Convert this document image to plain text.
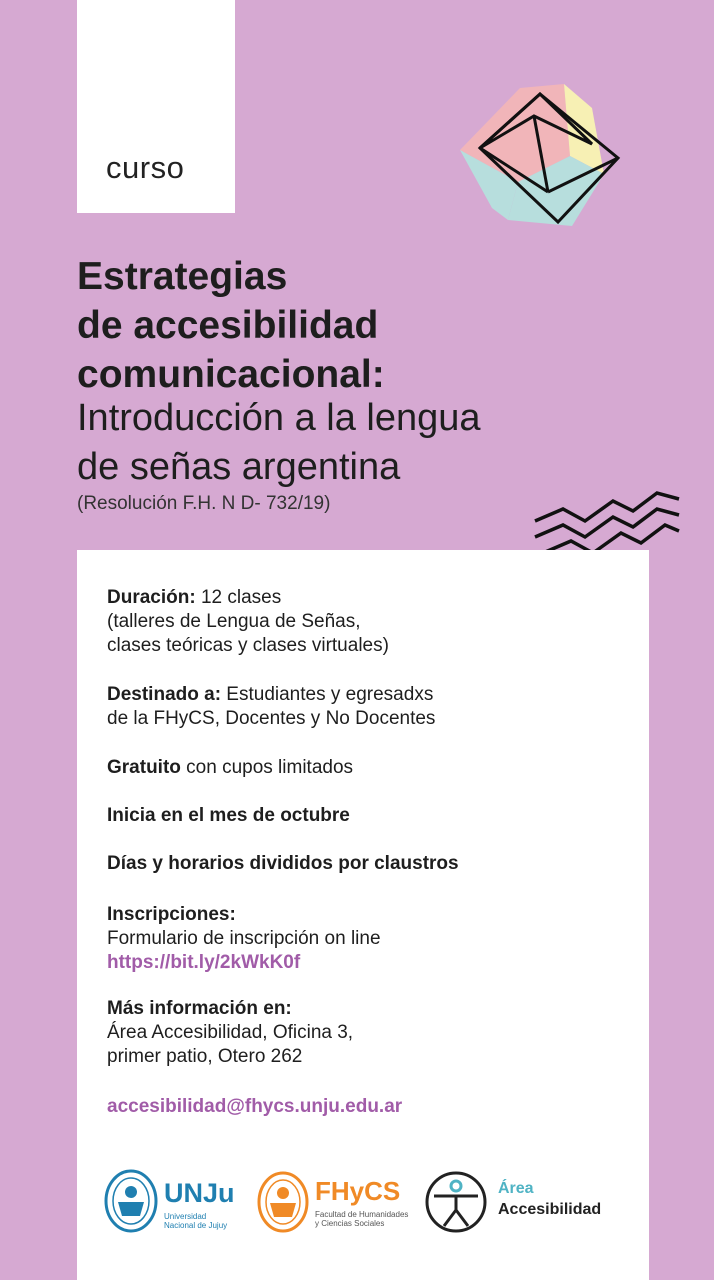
curso
Estrategias
de accesibilidad
comunicacional:
Introducción a la lengua
de señas argentina
(Resolución F.H. N D- 732/19)
Duración: 12 clases
(talleres de Lengua de Señas,
clases teóricas y clases virtuales)
Destinado a: Estudiantes y egresadxs
de la FHyCS, Docentes y No Docentes
Gratuito con cupos limitados
Inicia en el mes de octubre
Días y horarios divididos por claustros
Inscripciones:
Formulario de inscripción on line
https://bit.ly/2kWkK0f
Más información en:
Área Accesibilidad, Oficina 3,
primer patio, Otero 262
accesibilidad@fhycs.unju.edu.ar
UNJu
Universidad
Nacional de Jujuy
FHyCS
Facultad de Humanidades
y Ciencias Sociales
Área
Accesibilidad
